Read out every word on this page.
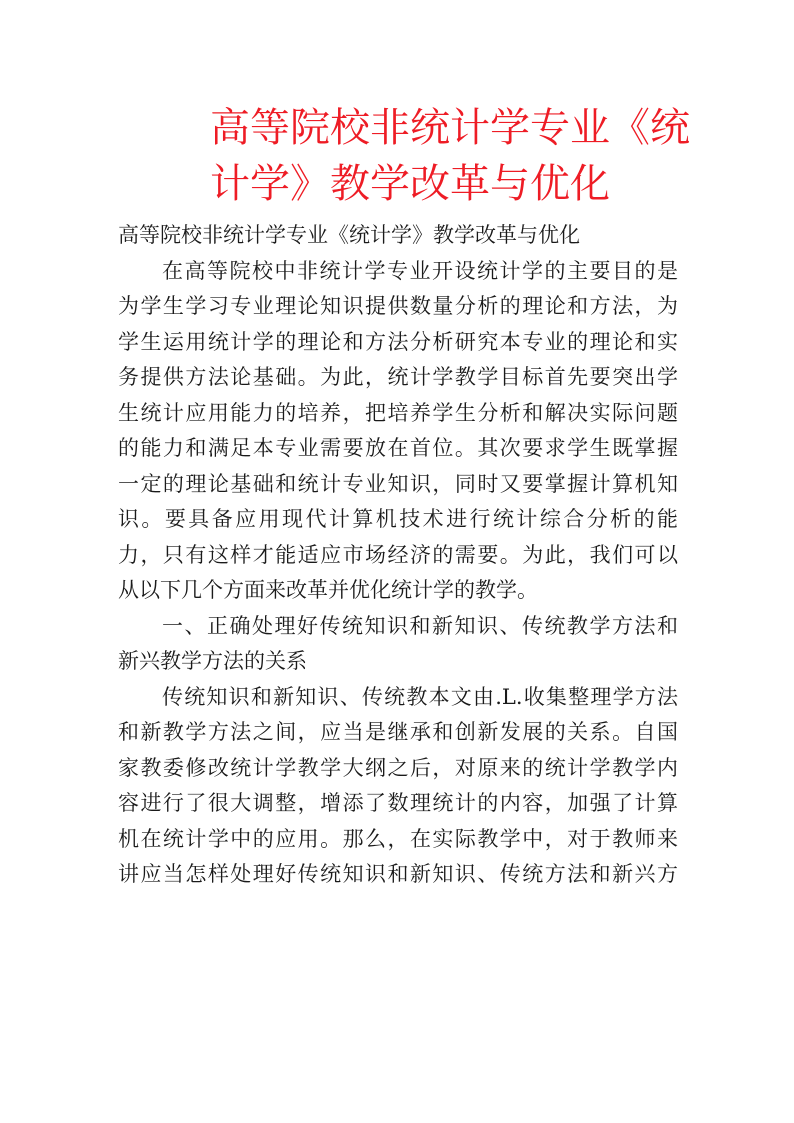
高等院校非统计学专业《统
计学》教学改革与优化
高等院校非统计学专业《统计学》教学改革与优化
在高等院校中非统计学专业开设统计学的主要目的是
为学生学习专业理论知识提供数量分析的理论和方法，为
学生运用统计学的理论和方法分析研究本专业的理论和实
务提供方法论基础。为此，统计学教学目标首先要突出学
生统计应用能力的培养，把培养学生分析和解决实际问题
的能力和满足本专业需要放在首位。其次要求学生既掌握
一定的理论基础和统计专业知识，同时又要掌握计算机知
识。要具备应用现代计算机技术进行统计综合分析的能
力，只有这样才能适应市场经济的需要。为此，我们可以
从以下几个方面来改革并优化统计学的教学。
一、正确处理好传统知识和新知识、传统教学方法和
新兴教学方法的关系
传统知识和新知识、传统教本文由.L.收集整理学方法
和新教学方法之间，应当是继承和创新发展的关系。自国
家教委修改统计学教学大纲之后，对原来的统计学教学内
容进行了很大调整，增添了数理统计的内容，加强了计算
机在统计学中的应用。那么，在实际教学中，对于教师来
讲应当怎样处理好传统知识和新知识、传统方法和新兴方
